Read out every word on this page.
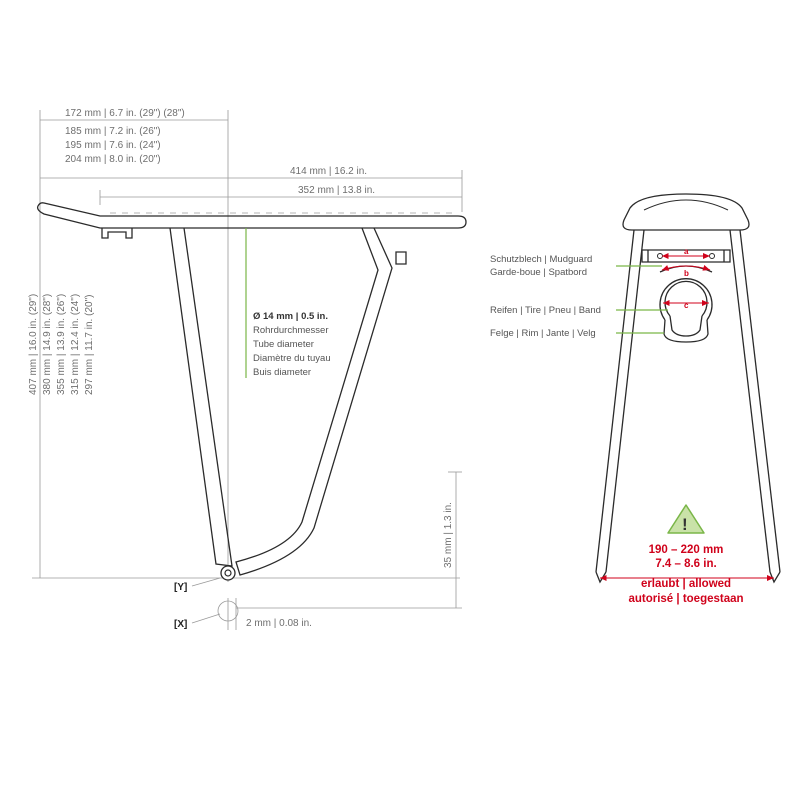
172 mm | 6.7 in. (29") (28")
185 mm | 7.2 in. (26")
195 mm | 7.6 in. (24")
204 mm | 8.0 in. (20")
414 mm | 16.2 in.
352 mm | 13.8 in.
407 mm | 16.0 in. (29") 380 mm | 14.9 in. (28") 355 mm | 13.9 in. (26") 315 mm | 12.4 in. (24") 297 mm | 11.7 in. (20")	Ø 14 mm | 0.5 in.
Rohrdurchmesser
Tube diameter
Diamètre du tuyau
Buis diameter
35 mm | 1.3 in.
2 mm | 0.08 in.
[Y]
[X]
a
b
c
Schutzblech | Mudguard
Garde-boue | Spatbord
Reifen | Tire | Pneu | Band
Felge | Rim | Jante | Velg
!
190 – 220 mm
7.4 – 8.6 in.
erlaubt | allowed
autorisé | toegestaan
